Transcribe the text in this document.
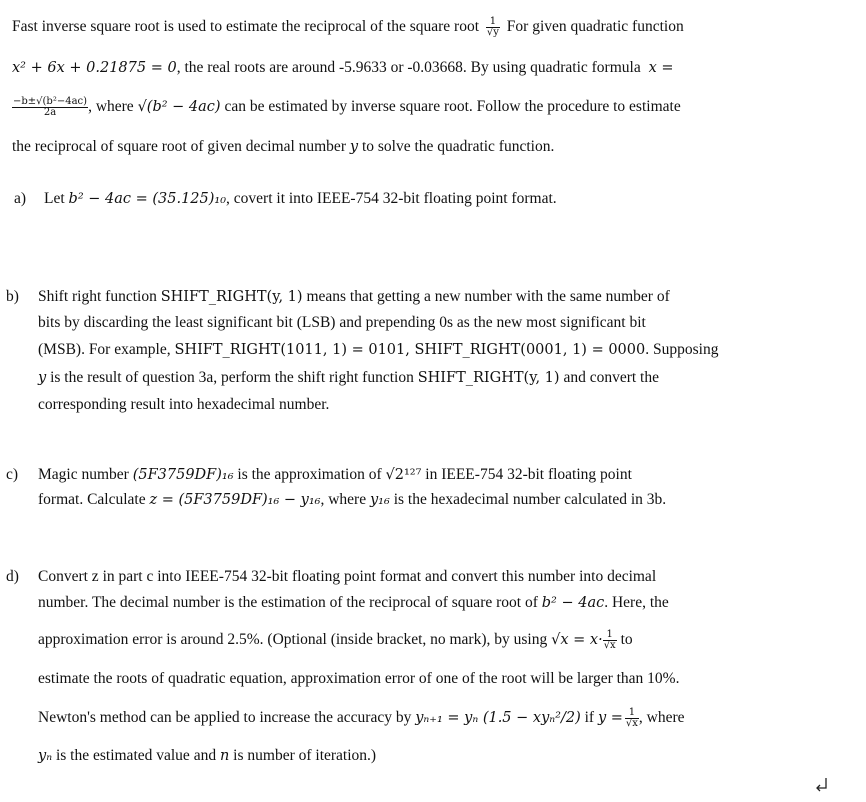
Fast inverse square root is used to estimate the reciprocal of the square root $\frac{1}{√y}$ For given quadratic function
x² + 6x + 0.21875 = 0, the real roots are around -5.9633 or -0.03668. By using quadratic formula x =
$\frac{\text{−b±√(b²−4ac)}}{2a}$ , where √(b² − 4ac) can be estimated by inverse square root. Follow the procedure to estimate
the reciprocal of square root of given decimal number y to solve the quadratic function.
a) Let b² − 4ac = (35.125)₁₀, covert it into IEEE-754 32-bit floating point format.
b) Shift right function SHIFT_RIGHT(y, 1) means that getting a new number with the same number of
bits by discarding the least significant bit (LSB) and prepending 0s as the new most significant bit
(MSB). For example, SHIFT_RIGHT(1011, 1) = 0101, SHIFT_RIGHT(0001, 1) = 0000. Supposing
y is the result of question 3a, perform the shift right function SHIFT_RIGHT(y, 1) and convert the
corresponding result into hexadecimal number.
c) Magic number (5F3759DF)₁₆ is the approximation of √2¹²⁷ in IEEE-754 32-bit floating point
format. Calculate z = (5F3759DF)₁₆ − y₁₆, where y₁₆ is the hexadecimal number calculated in 3b.
d) Convert z in part c into IEEE-754 32-bit floating point format and convert this number into decimal
number. The decimal number is the estimation of the reciprocal of square root of b² − 4ac. Here, the
approximation error is around 2.5%. (Optional (inside bracket, no mark), by using $√x = x\cdot \frac{1}{√x}$ to
estimate the roots of quadratic equation, approximation error of one of the root will be larger than 10%.
Newton's method can be applied to increase the accuracy by yₙ₊₁ = yₙ (1.5 − xyₙ²/2) if $y = \frac{1}{√x}$ , where
yₙ is the estimated value and n is number of iteration.)
